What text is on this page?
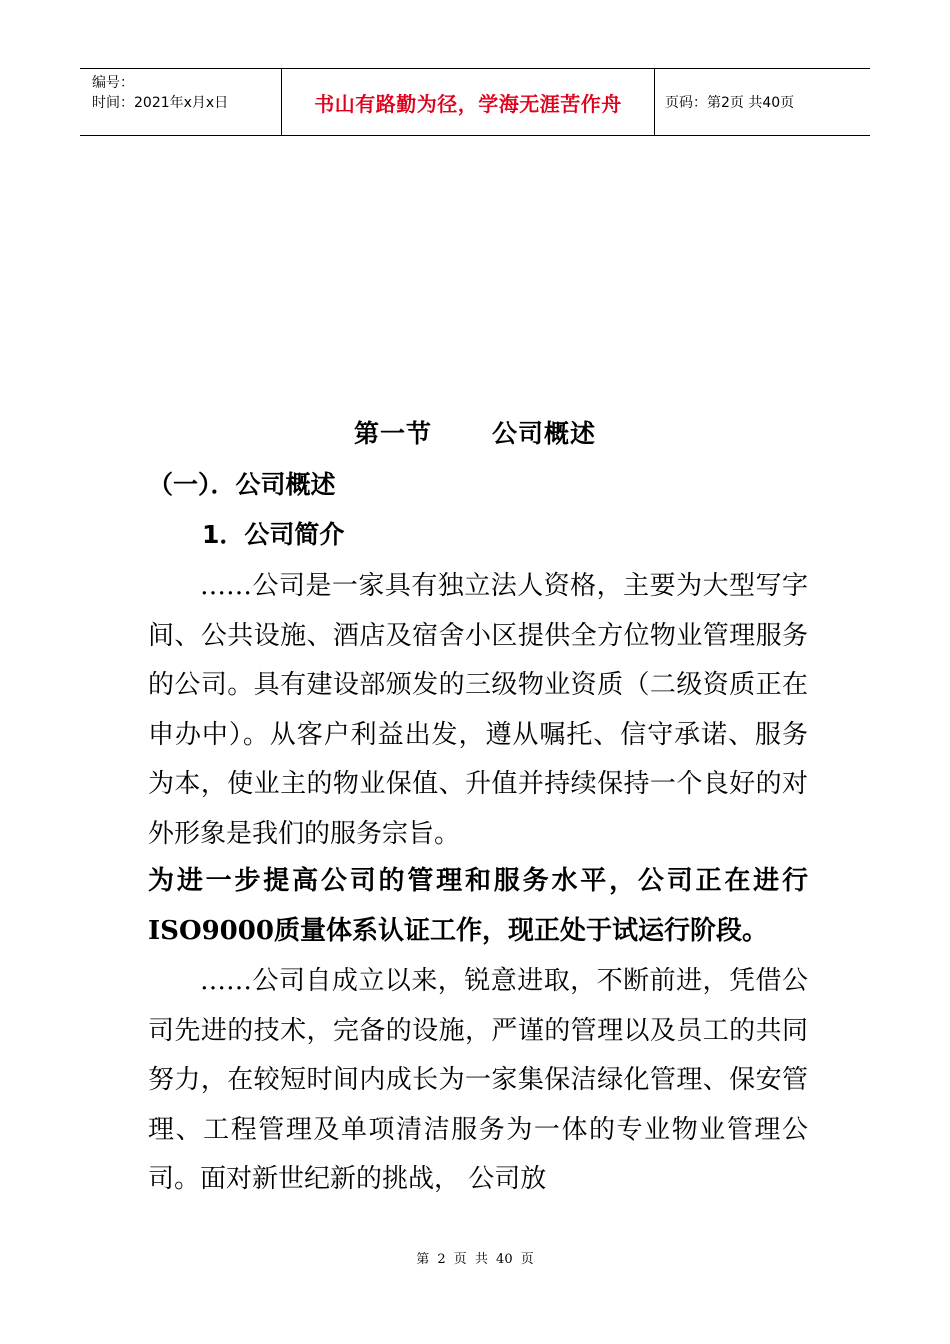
编号：
时间：2021年x月x日	书山有路勤为径，学海无涯苦作舟	页码：第2页 共40页
第一节 公司概述
（一）．公司概述
1．公司简介

……公司是一家具有独立法人资格，主要为大型写字间、公共设施、酒店及宿舍小区提供全方位物业管理服务的公司。具有建设部颁发的三级物业资质（二级资质正在申办中）。从客户利益出发，遵从嘱托、信守承诺、服务为本，使业主的物业保值、升值并持续保持一个良好的对外形象是我们的服务宗旨。

为进一步提高公司的管理和服务水平，公司正在进行ISO9000质量体系认证工作，现正处于试运行阶段。

……公司自成立以来，锐意进取，不断前进，凭借公司先进的技术，完备的设施，严谨的管理以及员工的共同努力，在较短时间内成长为一家集保洁绿化管理、保安管理、工程管理及单项清洁服务为一体的专业物业管理公司。面对新世纪新的挑战， 公司放

第 2 页 共 40 页
